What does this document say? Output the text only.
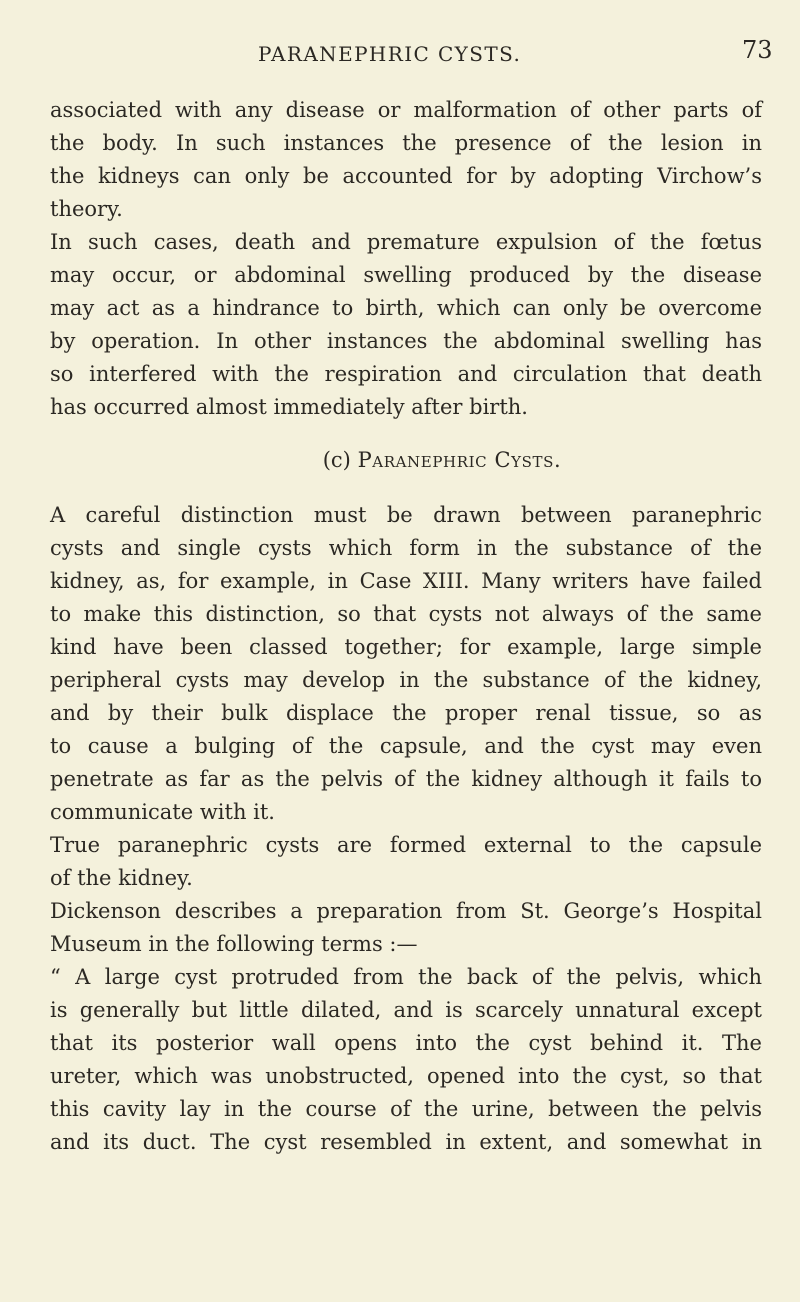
PARANEPHRIC CYSTS.	73
associated with any disease or malformation of other parts of
the body. In such instances the presence of the lesion in
the kidneys can only be accounted for by adopting Virchow’s
theory.
In such cases, death and premature expulsion of the fœtus
may occur, or abdominal swelling produced by the disease
may act as a hindrance to birth, which can only be overcome
by operation. In other instances the abdominal swelling has
so interfered with the respiration and circulation that death
has occurred almost immediately after birth.
(c) Paranephric Cysts.
A careful distinction must be drawn between paranephric
cysts and single cysts which form in the substance of the
kidney, as, for example, in Case XIII. Many writers have failed
to make this distinction, so that cysts not always of the same
kind have been classed together; for example, large simple
peripheral cysts may develop in the substance of the kidney,
and by their bulk displace the proper renal tissue, so as
to cause a bulging of the capsule, and the cyst may even
penetrate as far as the pelvis of the kidney although it fails to
communicate with it.
True paranephric cysts are formed external to the capsule
of the kidney.
Dickenson describes a preparation from St. George’s Hospital
Museum in the following terms :—
“ A large cyst protruded from the back of the pelvis, which
is generally but little dilated, and is scarcely unnatural except
that its posterior wall opens into the cyst behind it. The
ureter, which was unobstructed, opened into the cyst, so that
this cavity lay in the course of the urine, between the pelvis
and its duct. The cyst resembled in extent, and somewhat in
